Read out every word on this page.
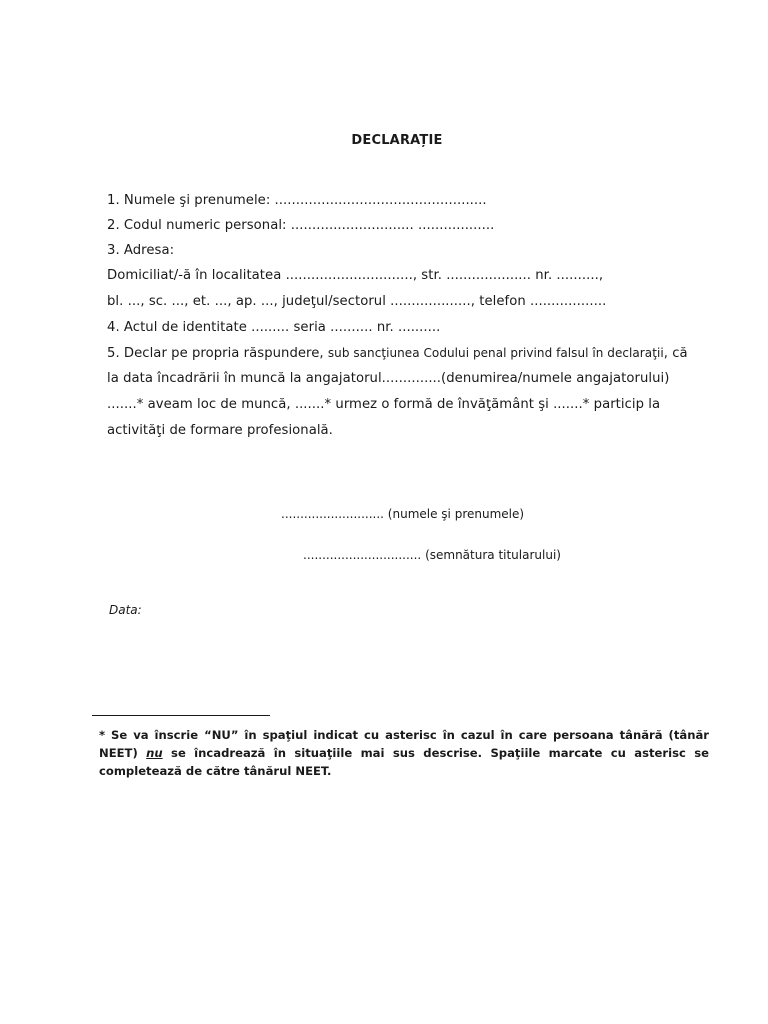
DECLARAȚIE
1. Numele şi prenumele: ..................................................
2. Codul numeric personal: ............................. ..................
3. Adresa:
Domiciliat/-ă în localitatea .............................., str. .................... nr. ..........,
bl. ..., sc. ..., et. ..., ap. ..., judeţul/sectorul ..................., telefon ..................
4. Actul de identitate ......... seria .......... nr. ..........
5. Declar pe propria răspundere, sub sancţiunea Codului penal privind falsul în declaraţii, că
la data încadrării în muncă la angajatorul..............(denumirea/numele angajatorului)
.......* aveam loc de muncă, .......* urmez o formă de învăţământ şi .......* particip la
activităţi de formare profesională.
........................... (numele şi prenumele)
............................... (semnătura titularului)
Data:
* Se va înscrie “NU” în spaţiul indicat cu asterisc în cazul în care persoana tânără (tânăr NEET) nu se încadrează în situaţiile mai sus descrise. Spaţiile marcate cu asterisc se completează de către tânărul NEET.
